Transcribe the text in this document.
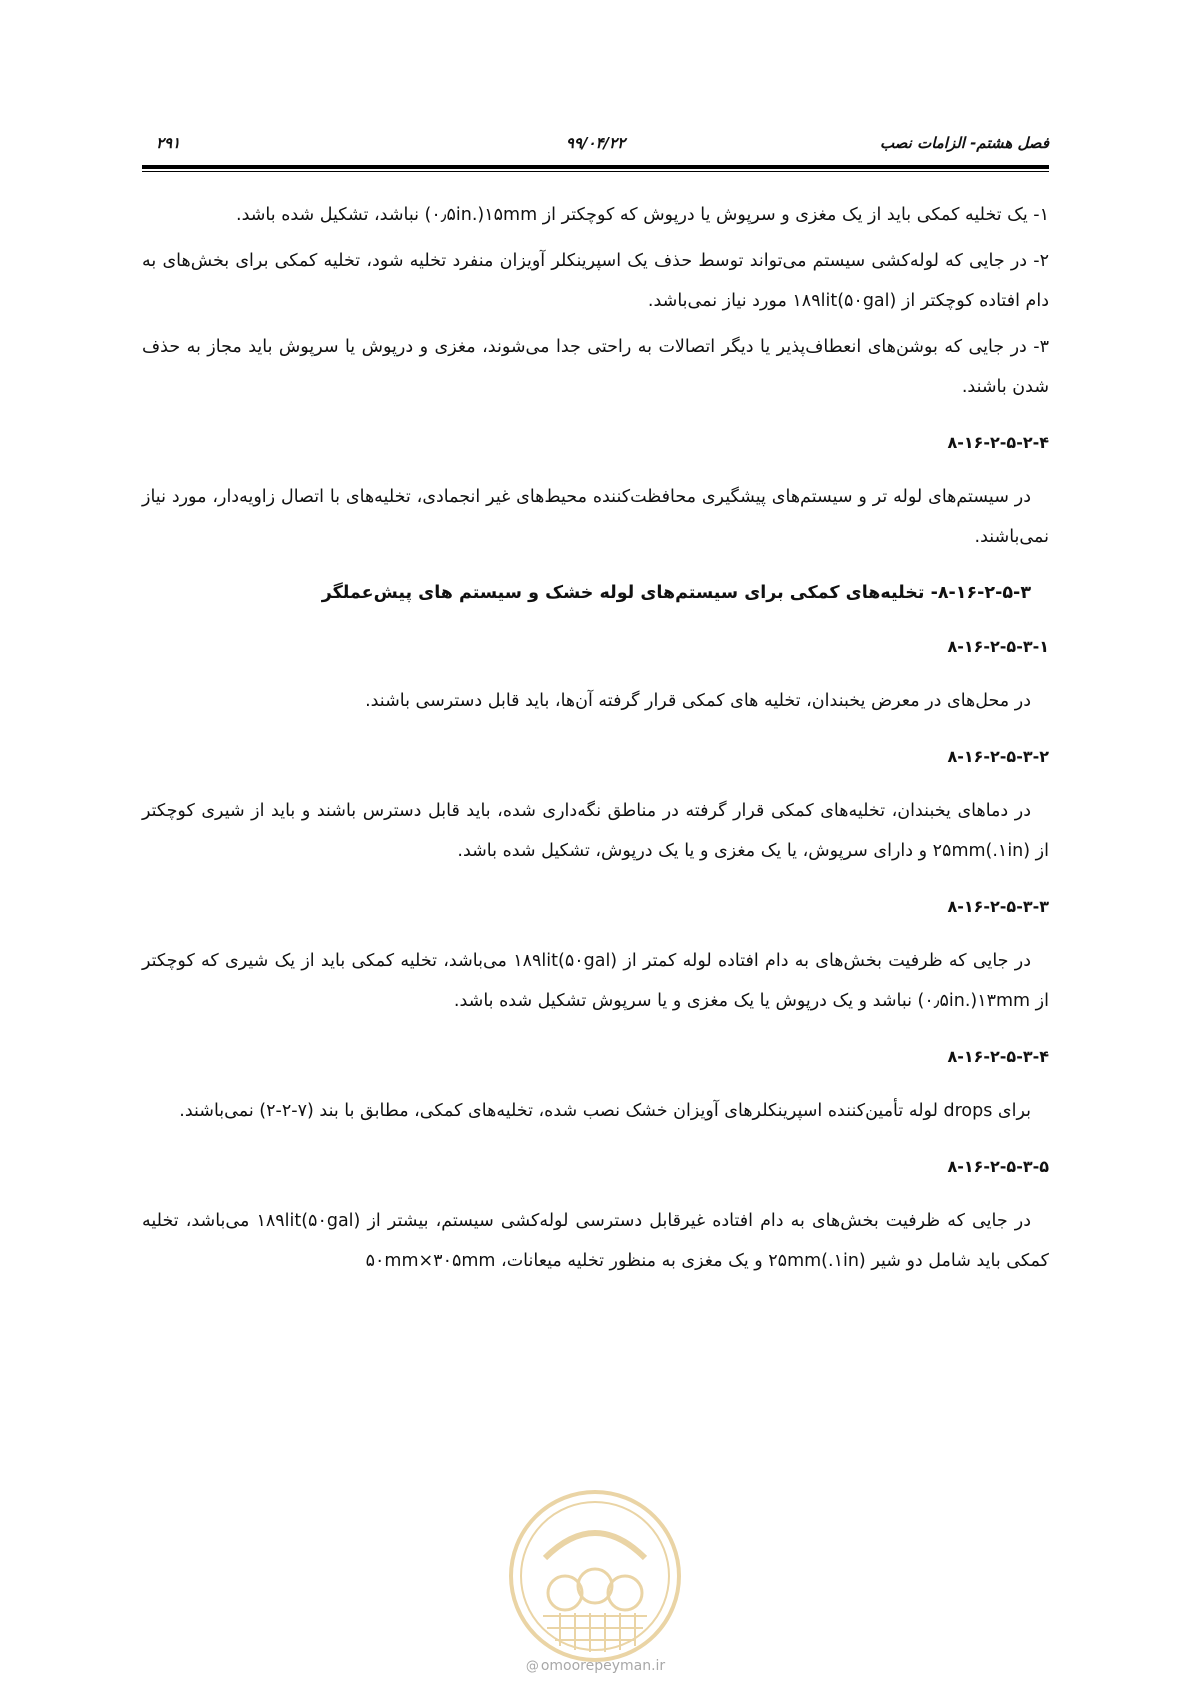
فصل هشتم- الزامات نصب
۹۹/۰۴/۲۲
۲۹۱

۱- یک تخلیه کمکی باید از یک مغزی و سرپوش یا درپوش که کوچکتر از ۱۵mm(.۰٫۵in) نباشد، تشکیل شده باشد.

۲- در جایی که لوله‌کشی سیستم می‌تواند توسط حذف یک اسپرینکلر آویزان منفرد تخلیه شود، تخلیه کمکی برای بخش‌های به دام افتاده کوچکتر از ۱۸۹lit(۵۰gal) مورد نیاز نمی‌باشد.

۳- در جایی که بوشن‌های انعطاف‌پذیر یا دیگر اتصالات به راحتی جدا می‌شوند، مغزی و درپوش یا سرپوش باید مجاز به حذف شدن باشند.

۸-۱۶-۲-۵-۲-۴

در سیستم‌های لوله تر و سیستم‌های پیشگیری محافظت‌کننده محیط‌های غیر انجمادی، تخلیه‌های با اتصال زاویه‌دار، مورد نیاز نمی‌باشند.

۸-۱۶-۲-۵-۳- تخلیه‌های کمکی برای سیستم‌های لوله خشک و سیستم های پیش‌عملگر
۸-۱۶-۲-۵-۳-۱

در محل‌های در معرض یخبندان، تخلیه های کمکی قرار گرفته آن‌ها، باید قابل دسترسی باشند.

۸-۱۶-۲-۵-۳-۲

در دماهای یخبندان، تخلیه‌های کمکی قرار گرفته در مناطق نگه‌داری شده، باید قابل دسترس باشند و باید از شیری کوچکتر از ۲۵mm(.۱in) و دارای سرپوش، یا یک مغزی و یا یک درپوش، تشکیل شده باشد.

۸-۱۶-۲-۵-۳-۳

در جایی که ظرفیت بخش‌های به دام افتاده لوله کمتر از ۱۸۹lit(۵۰gal) می‌باشد، تخلیه کمکی باید از یک شیری که کوچکتر از ۱۳mm(.۰٫۵in) نباشد و یک درپوش یا یک مغزی و یا سرپوش تشکیل شده باشد.

۸-۱۶-۲-۵-۳-۴

برای drops لوله تأمین‌کننده اسپرینکلرهای آویزان خشک نصب شده، تخلیه‌های کمکی، مطابق با بند (۷-۲-۲) نمی‌باشند.

۸-۱۶-۲-۵-۳-۵

در جایی که ظرفیت بخش‌های به دام افتاده غیرقابل دسترسی لوله‌کشی سیستم، بیشتر از ۱۸۹lit(۵۰gal) می‌باشد، تخلیه کمکی باید شامل دو شیر ۲۵mm(.۱in) و یک مغزی به منظور تخلیه میعانات، ۵۰mm×۳۰۵mm

@ omoorepeyman.ir
